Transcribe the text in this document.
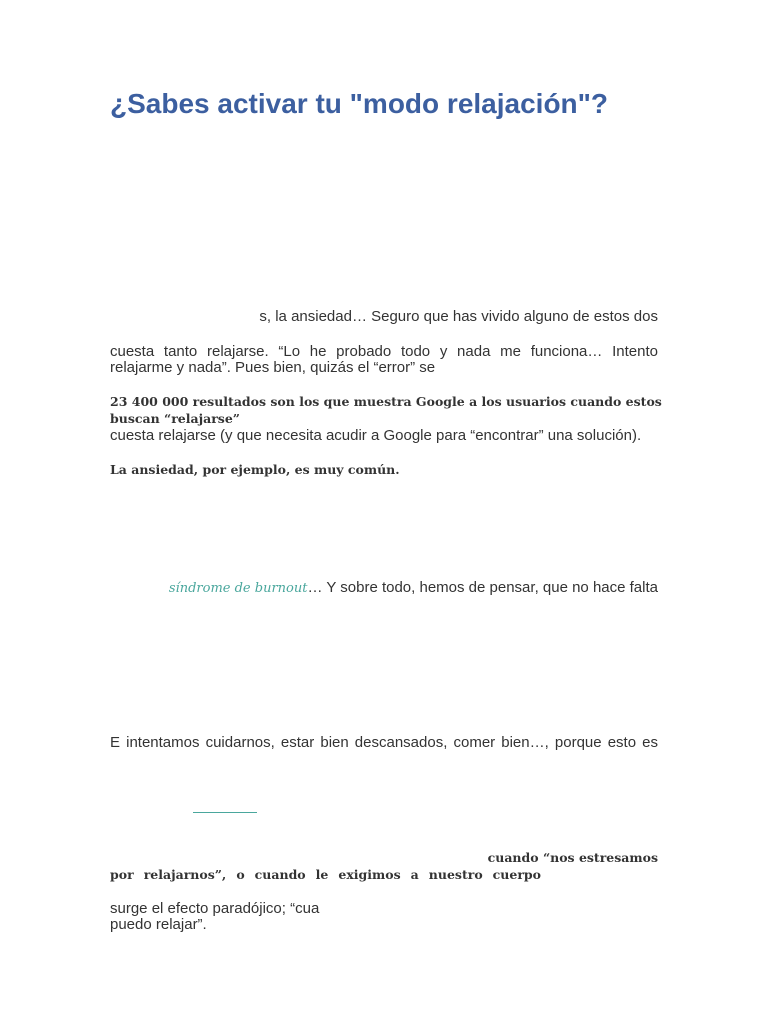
¿Sabes activar tu "modo relajación"?
s, la ansiedad… Seguro que has vivido alguno de estos dos
cuesta tanto relajarse. “Lo he probado todo y nada me funciona… Intento
relajarme y nada”. Pues bien, quizás el “error” se
23 400 000 resultados son los que muestra Google a los usuarios cuando estos
buscan “relajarse”
cuesta relajarse (y que necesita acudir a Google para “encontrar” una solución).
La ansiedad, por ejemplo, es muy común.
síndrome de burnout… Y sobre todo, hemos de pensar, que no hace falta
E intentamos cuidarnos, estar bien descansados, comer bien…, porque esto es
cuando “nos estresamos
por relajarnos”, o cuando le exigimos a nuestro cuerpo
surge el efecto paradójico; “cua
puedo relajar”.
